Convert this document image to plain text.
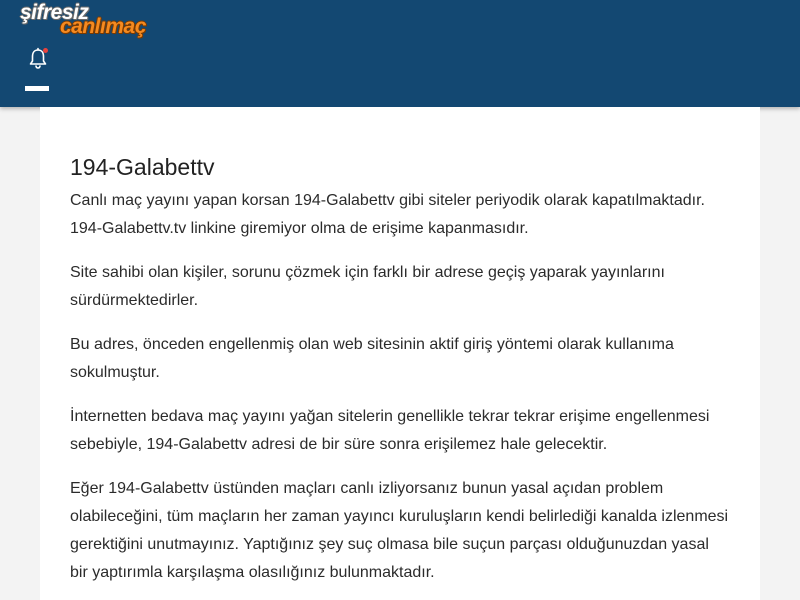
şifresiz
canlımaç
194-Galabettv

Canlı maç yayını yapan korsan 194-Galabettv gibi siteler periyodik olarak kapatılmaktadır. 194-Galabettv.tv linkine giremiyor olma de erişime kapanmasıdır.

Site sahibi olan kişiler, sorunu çözmek için farklı bir adrese geçiş yaparak yayınlarını sürdürmektedirler.

Bu adres, önceden engellenmiş olan web sitesinin aktif giriş yöntemi olarak kullanıma sokulmuştur.

İnternetten bedava maç yayını yağan sitelerin genellikle tekrar tekrar erişime engellenmesi sebebiyle, 194-Galabettv adresi de bir süre sonra erişilemez hale gelecektir.

Eğer 194-Galabettv üstünden maçları canlı izliyorsanız bunun yasal açıdan problem olabileceğini, tüm maçların her zaman yayıncı kuruluşların kendi belirlediği kanalda izlenmesi gerektiğini unutmayınız. Yaptığınız şey suç olmasa bile suçun parçası olduğunuzdan yasal bir yaptırımla karşılaşma olasılığınız bulunmaktadır.
